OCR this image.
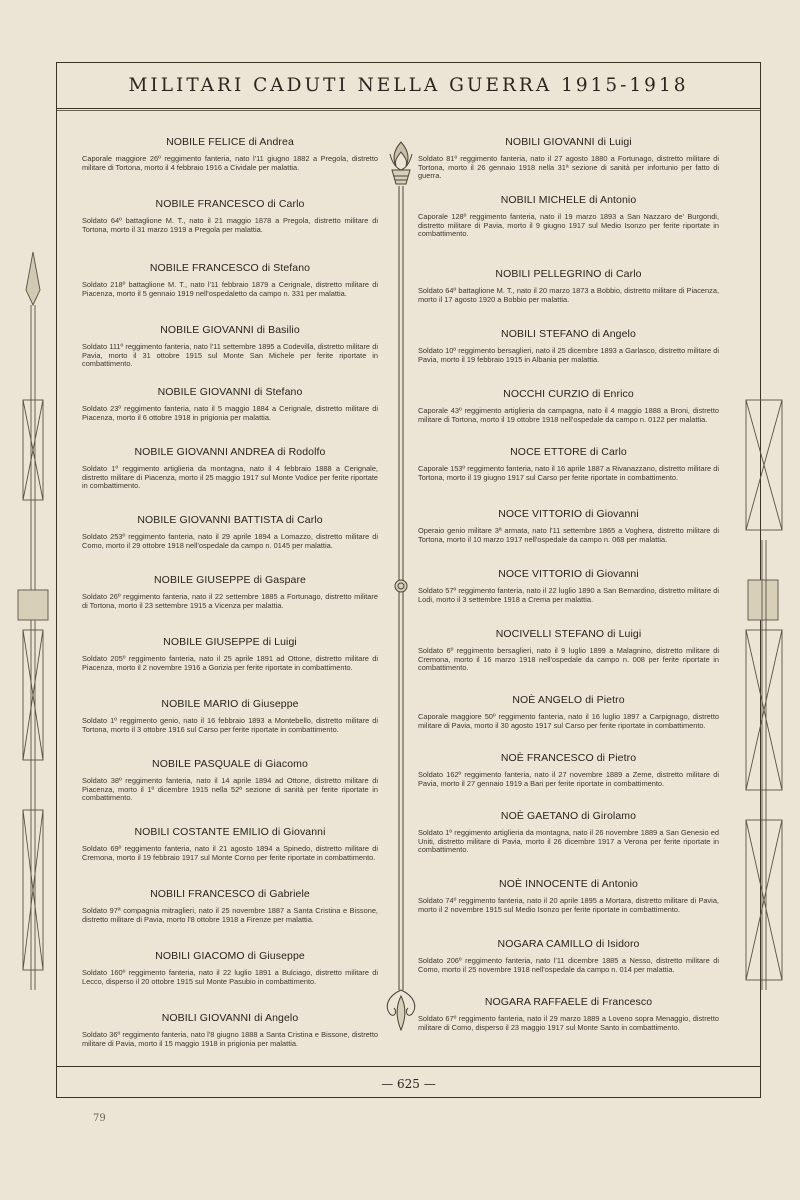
MILITARI CADUTI NELLA GUERRA 1915-1918
— 625 —
79
NOBILE FELICE di Andrea
Caporale maggiore 26º reggimento fanteria, nato l'11 giugno 1882 a Pregola, distretto militare di Tortona, morto il 4 febbraio 1916 a Cividale per malattia.
NOBILE FRANCESCO di Carlo
Soldato 64º battaglione M. T., nato il 21 maggio 1878 a Pregola, distretto militare di Tortona, morto il 31 marzo 1919 a Pregola per malattia.
NOBILE FRANCESCO di Stefano
Soldato 218º battaglione M. T., nato l'11 febbraio 1879 a Cerignale, distretto militare di Piacenza, morto il 5 gennaio 1919 nell'ospedaletto da campo n. 331 per malattia.
NOBILE GIOVANNI di Basilio
Soldato 111º reggimento fanteria, nato l'11 settembre 1895 a Codevilla, distretto militare di Pavia, morto il 31 ottobre 1915 sul Monte San Michele per ferite riportate in combattimento.
NOBILE GIOVANNI di Stefano
Soldato 23º reggimento fanteria, nato il 5 maggio 1884 a Cerignale, distretto militare di Piacenza, morto il 6 ottobre 1918 in prigionia per malattia.
NOBILE GIOVANNI ANDREA di Rodolfo
Soldato 1º reggimento artiglieria da montagna, nato il 4 febbraio 1888 a Cerignale, distretto militare di Piacenza, morto il 25 maggio 1917 sul Monte Vodice per ferite riportate in combattimento.
NOBILE GIOVANNI BATTISTA di Carlo
Soldato 253º reggimento fanteria, nato il 29 aprile 1894 a Lomazzo, distretto militare di Como, morto il 29 ottobre 1918 nell'ospedale da campo n. 0145 per malattia.
NOBILE GIUSEPPE di Gaspare
Soldato 26º reggimento fanteria, nato il 22 settembre 1885 a Fortunago, distretto militare di Tortona, morto il 23 settembre 1915 a Vicenza per malattia.
NOBILE GIUSEPPE di Luigi
Soldato 205º reggimento fanteria, nato il 25 aprile 1891 ad Ottone, distretto militare di Piacenza, morto il 2 novembre 1916 a Gorizia per ferite riportate in combattimento.
NOBILE MARIO di Giuseppe
Soldato 1º reggimento genio, nato il 16 febbraio 1893 a Montebello, distretto militare di Tortona, morto il 3 ottobre 1916 sul Carso per ferite riportate in combattimento.
NOBILE PASQUALE di Giacomo
Soldato 38º reggimento fanteria, nato il 14 aprile 1894 ad Ottone, distretto militare di Piacenza, morto il 1º dicembre 1915 nella 52ª sezione di sanità per ferite riportate in combattimento.
NOBILI COSTANTE EMILIO di Giovanni
Soldato 69º reggimento fanteria, nato il 21 agosto 1894 a Spinedo, distretto militare di Cremona, morto il 19 febbraio 1917 sul Monte Corno per ferite riportate in combattimento.
NOBILI FRANCESCO di Gabriele
Soldato 97ª compagnia mitraglieri, nato il 25 novembre 1887 a Santa Cristina e Bissone, distretto militare di Pavia, morto l'8 ottobre 1918 a Firenze per malattia.
NOBILI GIACOMO di Giuseppe
Soldato 160º reggimento fanteria, nato il 22 luglio 1891 a Bulciago, distretto militare di Lecco, disperso il 20 ottobre 1915 sul Monte Pasubio in combattimento.
NOBILI GIOVANNI di Angelo
Soldato 36º reggimento fanteria, nato l'8 giugno 1888 a Santa Cristina e Bissone, distretto militare di Pavia, morto il 15 maggio 1918 in prigionia per malattia.
NOBILI GIOVANNI di Luigi
Soldato 81º reggimento fanteria, nato il 27 agosto 1880 a Fortunago, distretto militare di Tortona, morto il 26 gennaio 1918 nella 31ª sezione di sanità per infortunio per fatto di guerra.
NOBILI MICHELE di Antonio
Caporale 128º reggimento fanteria, nato il 19 marzo 1893 a San Nazzaro de' Burgondi, distretto militare di Pavia, morto il 9 giugno 1917 sul Medio Isonzo per ferite riportate in combattimento.
NOBILI PELLEGRINO di Carlo
Soldato 64º battaglione M. T., nato il 20 marzo 1873 a Bobbio, distretto militare di Piacenza, morto il 17 agosto 1920 a Bobbio per malattia.
NOBILI STEFANO di Angelo
Soldato 10º reggimento bersaglieri, nato il 25 dicembre 1893 a Garlasco, distretto militare di Pavia, morto il 19 febbraio 1915 in Albania per malattia.
NOCCHI CURZIO di Enrico
Caporale 43º reggimento artiglieria da campagna, nato il 4 maggio 1888 a Broni, distretto militare di Tortona, morto il 19 ottobre 1918 nell'ospedale da campo n. 0122 per malattia.
NOCE ETTORE di Carlo
Caporale 153º reggimento fanteria, nato il 16 aprile 1887 a Rivanazzano, distretto militare di Tortona, morto il 19 giugno 1917 sul Carso per ferite riportate in combattimento.
NOCE VITTORIO di Giovanni
Operaio genio militare 3ª armata, nato l'11 settembre 1865 a Voghera, distretto militare di Tortona, morto il 10 marzo 1917 nell'ospedale da campo n. 068 per malattia.
NOCE VITTORIO di Giovanni
Soldato 57º reggimento fanteria, nato il 22 luglio 1890 a San Bernardino, distretto militare di Lodi, morto il 3 settembre 1918 a Crema per malattia.
NOCIVELLI STEFANO di Luigi
Soldato 6º reggimento bersaglieri, nato il 9 luglio 1899 a Malagnino, distretto militare di Cremona, morto il 16 marzo 1918 nell'ospedale da campo n. 008 per ferite riportate in combattimento.
NOÈ ANGELO di Pietro
Caporale maggiore 50º reggimento fanteria, nato il 16 luglio 1897 a Carpignago, distretto militare di Pavia, morto il 30 agosto 1917 sul Carso per ferite riportate in combattimento.
NOÈ FRANCESCO di Pietro
Soldato 162º reggimento fanteria, nato il 27 novembre 1889 a Zeme, distretto militare di Pavia, morto il 27 gennaio 1919 a Bari per ferite riportate in combattimento.
NOÈ GAETANO di Girolamo
Soldato 1º reggimento artiglieria da montagna, nato il 26 novembre 1889 a San Genesio ed Uniti, distretto militare di Pavia, morto il 26 dicembre 1917 a Verona per ferite riportate in combattimento.
NOÈ INNOCENTE di Antonio
Soldato 74º reggimento fanteria, nato il 20 aprile 1895 a Mortara, distretto militare di Pavia, morto il 2 novembre 1915 sul Medio Isonzo per ferite riportate in combattimento.
NOGARA CAMILLO di Isidoro
Soldato 206º reggimento fanteria, nato l'11 dicembre 1885 a Nesso, distretto militare di Como, morto il 25 novembre 1918 nell'ospedale da campo n. 014 per malattia.
NOGARA RAFFAELE di Francesco
Soldato 67º reggimento fanteria, nato il 29 marzo 1889 a Loveno sopra Menaggio, distretto militare di Como, disperso il 23 maggio 1917 sul Monte Santo in combattimento.
